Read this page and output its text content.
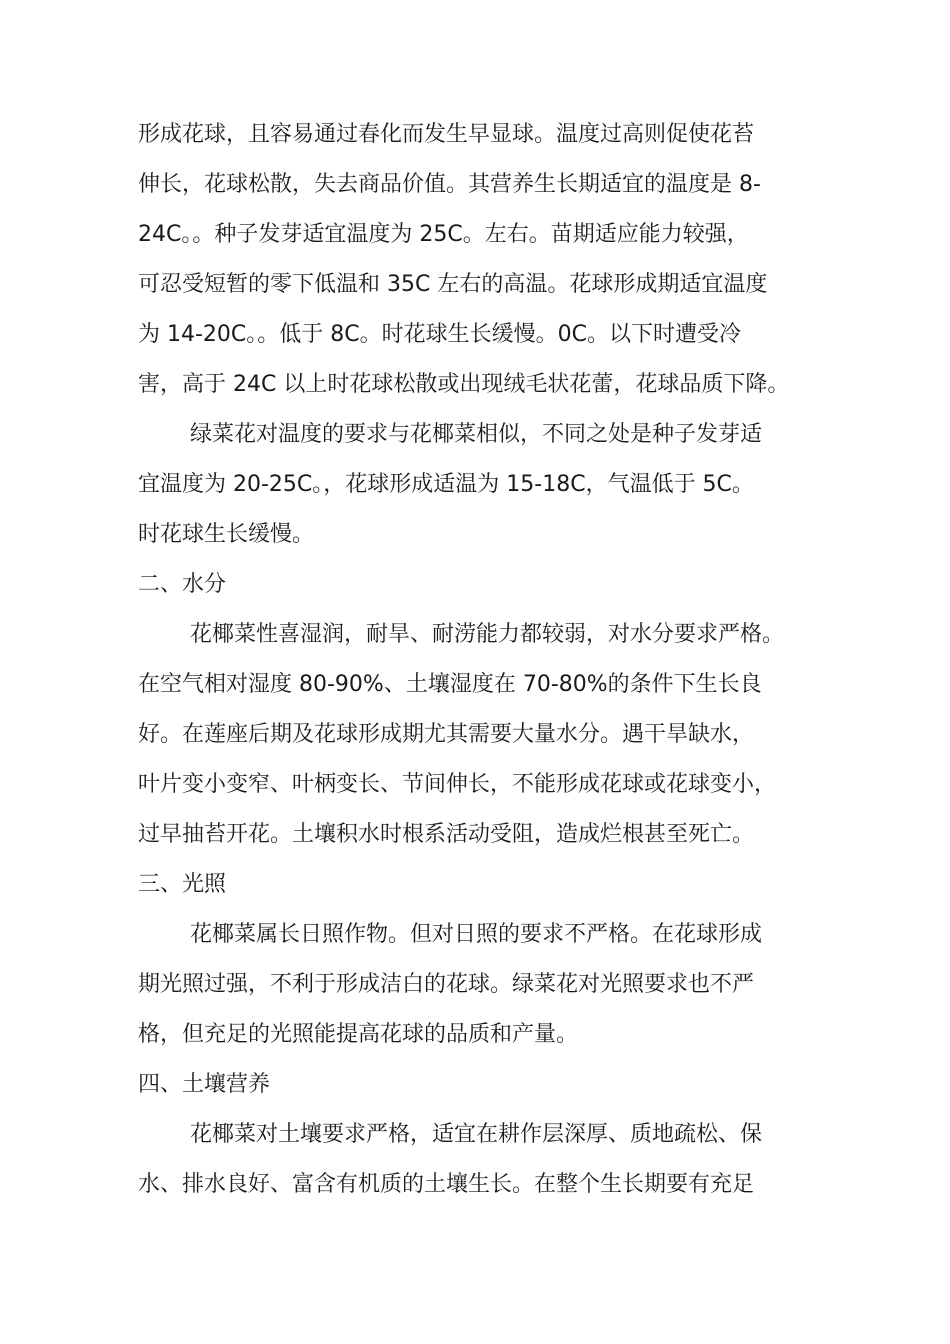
形成花球，且容易通过春化而发生早显球。温度过高则促使花苔
伸长，花球松散，失去商品价值。其营养生长期适宜的温度是 8-
24C。。种子发芽适宜温度为 25C。左右。苗期适应能力较强，
可忍受短暂的零下低温和 35C 左右的高温。花球形成期适宜温度
为 14-20C。。低于 8C。时花球生长缓慢。0C。以下时遭受冷
害，高于 24C 以上时花球松散或出现绒毛状花蕾，花球品质下降。
绿菜花对温度的要求与花椰菜相似，不同之处是种子发芽适
宜温度为 20-25C。，花球形成适温为 15-18C，气温低于 5C。
时花球生长缓慢。
二、水分
花椰菜性喜湿润，耐旱、耐涝能力都较弱，对水分要求严格。
在空气相对湿度 80-90%、土壤湿度在 70-80%的条件下生长良
好。在莲座后期及花球形成期尤其需要大量水分。遇干旱缺水，
叶片变小变窄、叶柄变长、节间伸长，不能形成花球或花球变小，
过早抽苔开花。土壤积水时根系活动受阻，造成烂根甚至死亡。
三、光照
花椰菜属长日照作物。但对日照的要求不严格。在花球形成
期光照过强，不利于形成洁白的花球。绿菜花对光照要求也不严
格，但充足的光照能提高花球的品质和产量。
四、土壤营养
花椰菜对土壤要求严格，适宜在耕作层深厚、质地疏松、保
水、排水良好、富含有机质的土壤生长。在整个生长期要有充足
